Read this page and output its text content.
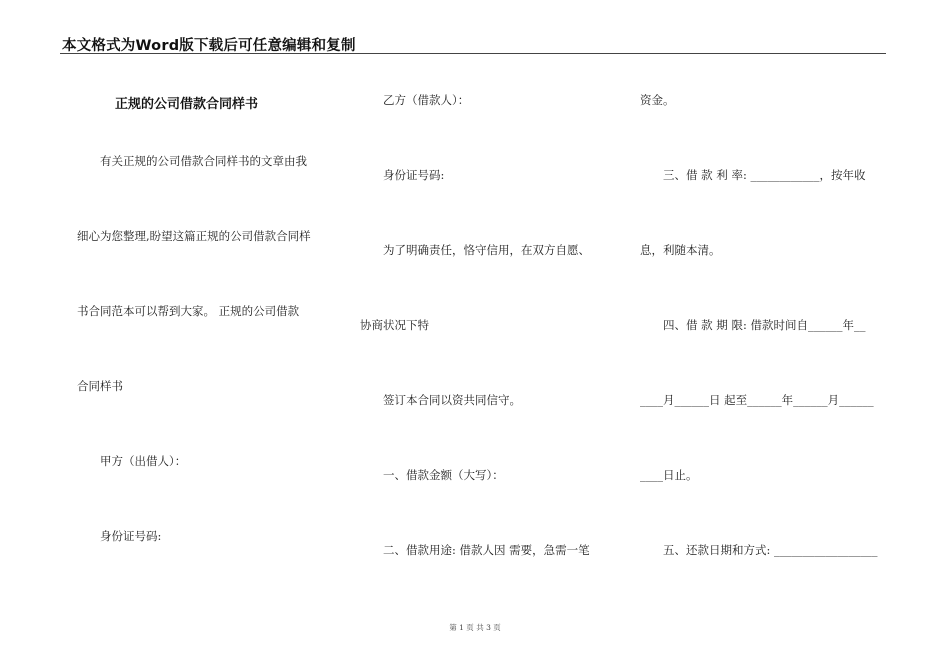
本文格式为Word版下载后可任意编辑和复制
正规的公司借款合同样书
有关正规的公司借款合同样书的文章由我
细心为您整理,盼望这篇正规的公司借款合同样
书合同范本可以帮到大家。 正规的公司借款
合同样书
甲方（出借人）：
身份证号码:
乙方（借款人）：
身份证号码:
为了明确责任，恪守信用，在双方自愿、
协商状况下特
签订本合同以资共同信守。
一、借款金额（大写）：
二、借款用途: 借款人因 需要，急需一笔
资金。
三、借 款 利 率: ____________，按年收
息，利随本清。
四、借 款 期 限: 借款时间自______年__
____月______日 起至______年______月______
____日止。
五、还款日期和方式: __________________
第 1 页 共 3 页
